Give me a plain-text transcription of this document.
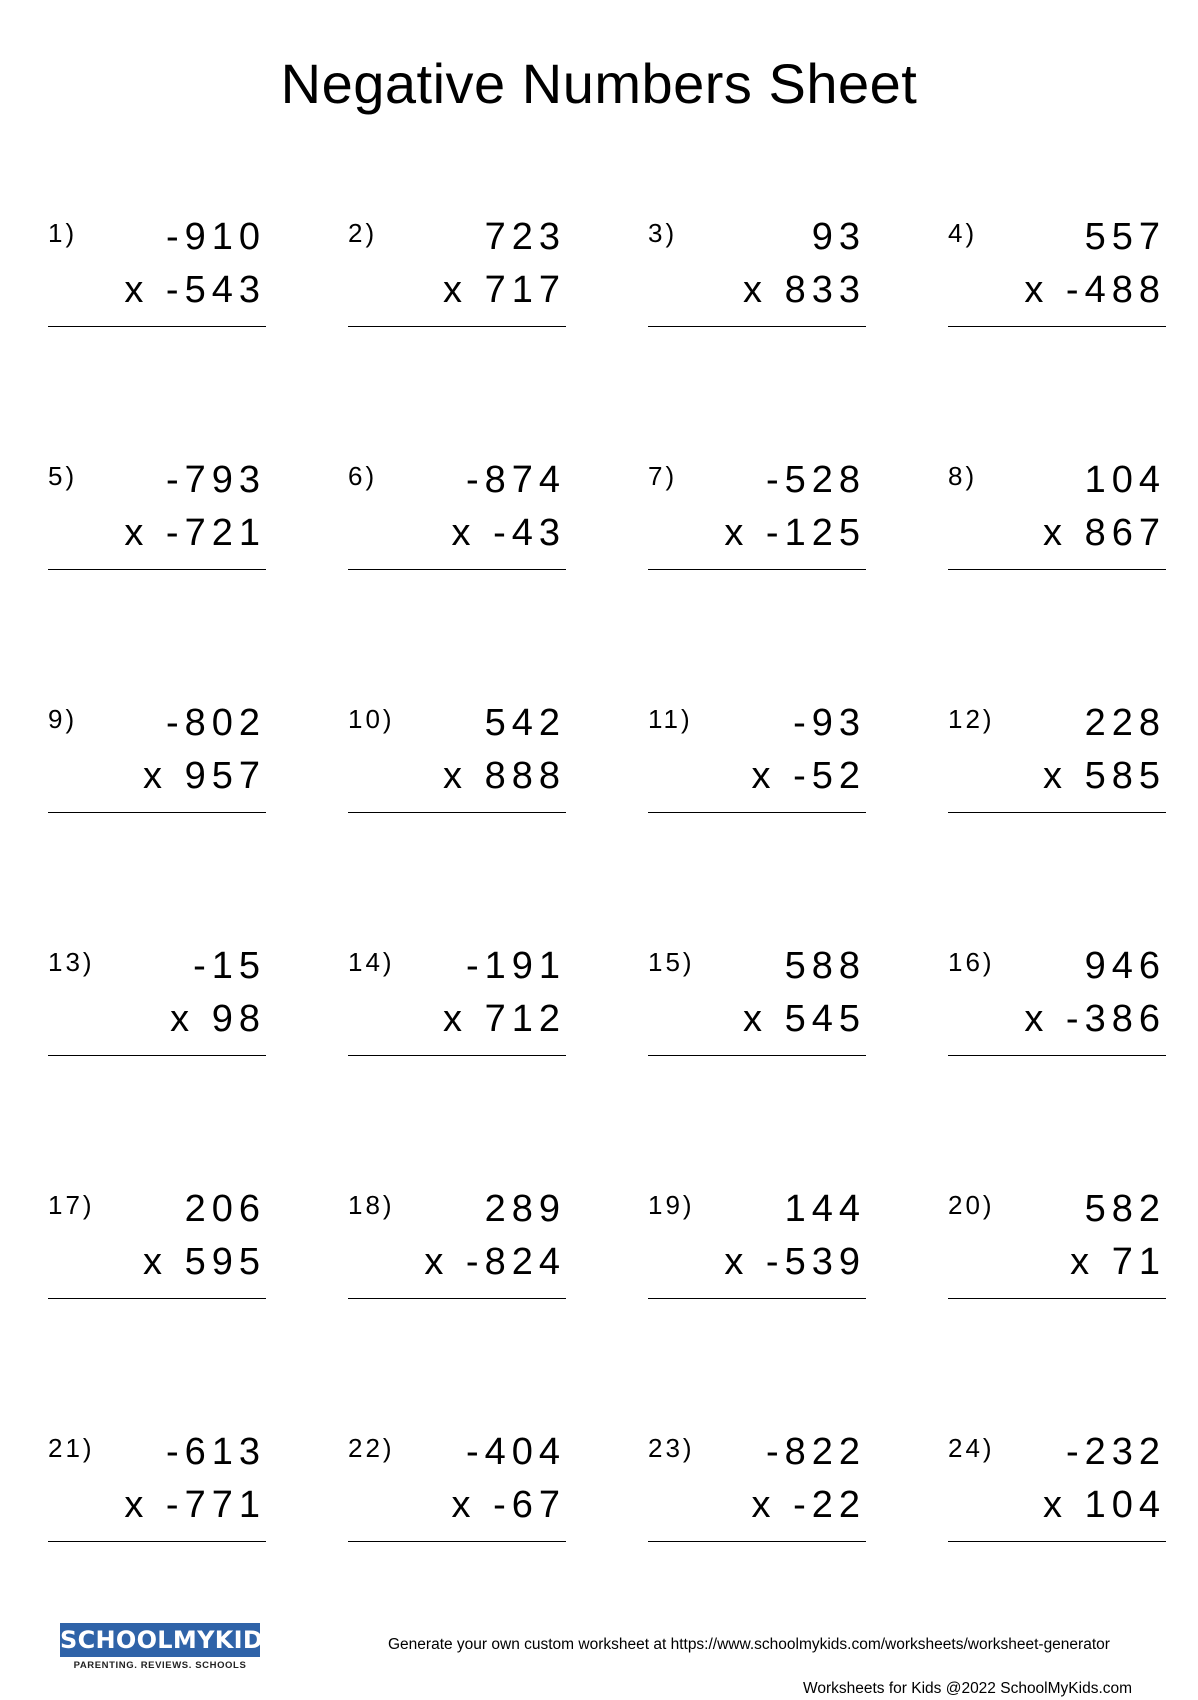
Negative Numbers Sheet
1) -910
x -543
2)	723
x 717
3)	93
x 833
4)	557
x -488
5) -793
x -721
6) -874
x -43
7) -528
x -125
8)	104
x 867
9) -802
x 957
10) 542
x 888
11)	-93
x -52
12) 228
x 585
13)	-15
x 98
14) -191
x 712
15) 588
x 545
16) 946
x -386
17) 206
x 595
18) 289
x -824
19) 144
x -539
20) 582
x 71
21) -613
x -771
22) -404
x -67
23) -822
x -22
24) -232
x 104
SCHOOLMYKIDS
PARENTING. REVIEWS. SCHOOLS
Generate your own custom worksheet at https://www.schoolmykids.com/worksheets/worksheet-generator
Worksheets for Kids @2022 SchoolMyKids.com
